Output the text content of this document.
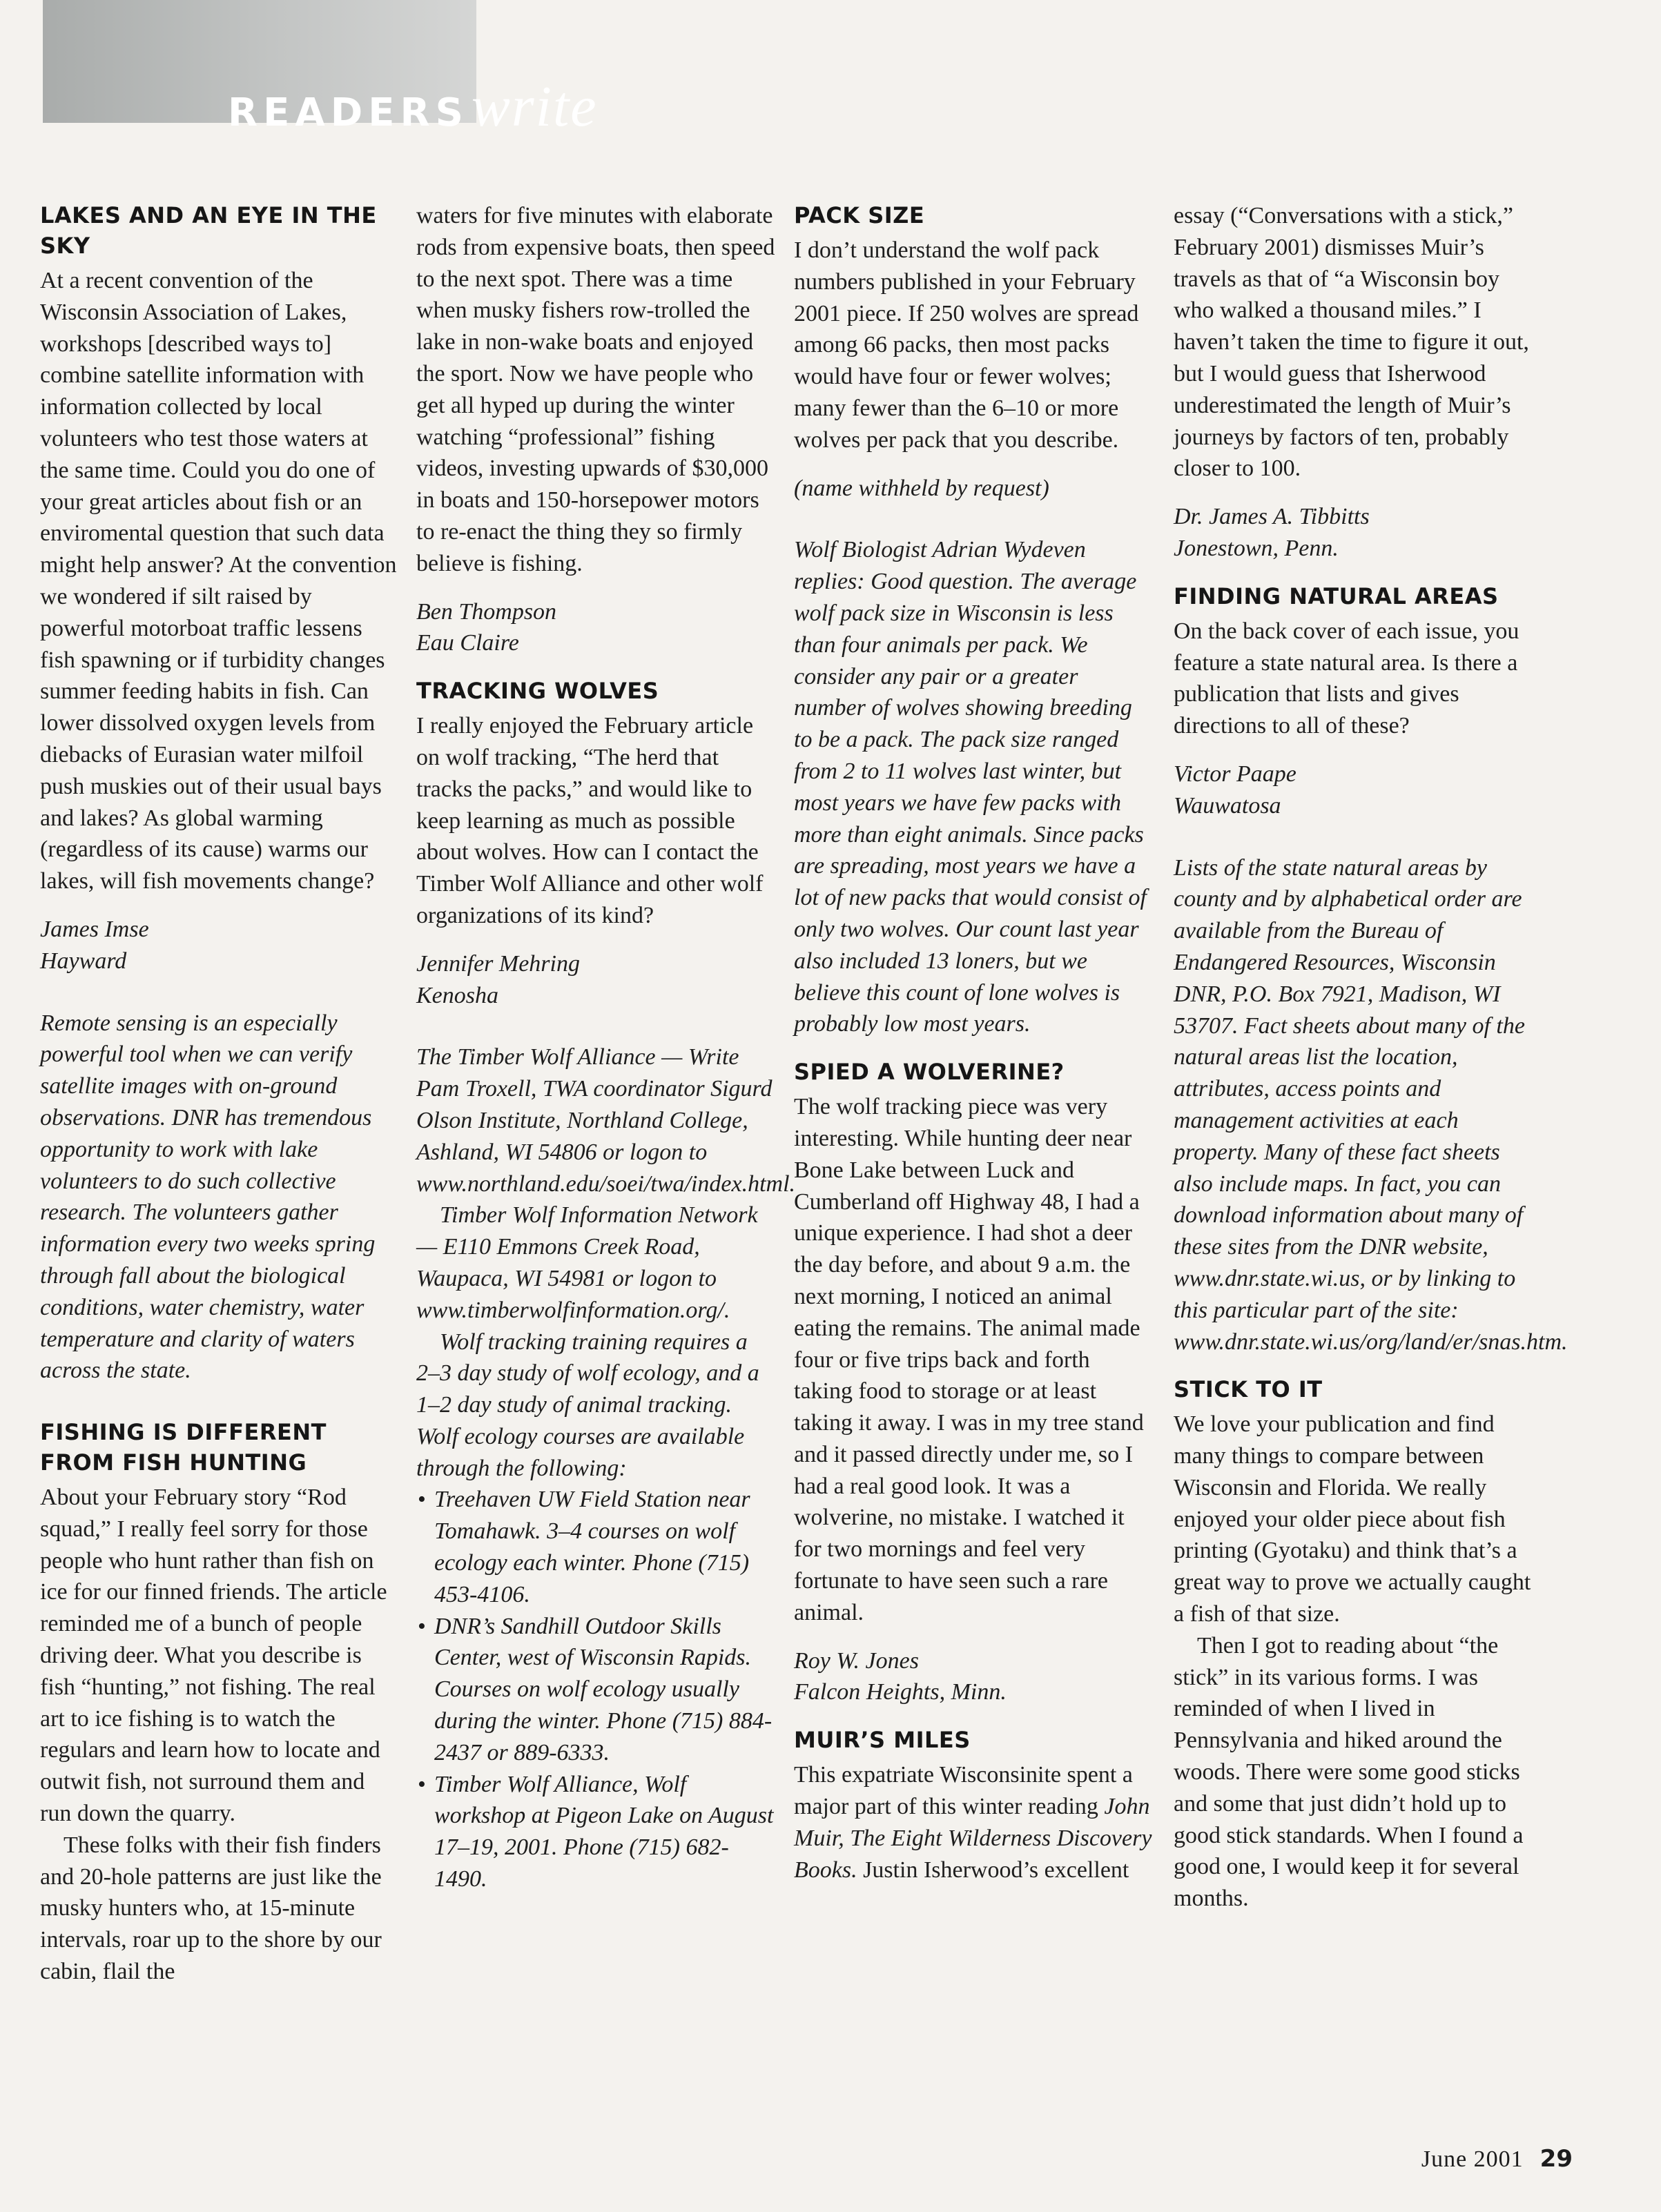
READERS write
LAKES AND AN EYE IN THE SKY

At a recent convention of the Wisconsin Association of Lakes, workshops [described ways to] combine satellite information with information collected by local volunteers who test those waters at the same time. Could you do one of your great articles about fish or an enviromental question that such data might help answer? At the convention we wondered if silt raised by powerful motorboat traffic lessens fish spawning or if turbidity changes summer feeding habits in fish. Can lower dissolved oxygen levels from diebacks of Eurasian water milfoil push muskies out of their usual bays and lakes? As global warming (regardless of its cause) warms our lakes, will fish movements change?

James Imse

Hayward

Remote sensing is an especially powerful tool when we can verify satellite images with on-ground observations. DNR has tremendous opportunity to work with lake volunteers to do such collective research. The volunteers gather information every two weeks spring through fall about the biological conditions, water chemistry, water temperature and clarity of waters across the state.

FISHING IS DIFFERENT FROM FISH HUNTING

About your February story “Rod squad,” I really feel sorry for those people who hunt rather than fish on ice for our finned friends. The article reminded me of a bunch of people driving deer. What you describe is fish “hunting,” not fishing. The real art to ice fishing is to watch the regulars and learn how to locate and outwit fish, not surround them and run down the quarry.

These folks with their fish finders and 20-hole patterns are just like the musky hunters who, at 15-minute intervals, roar up to the shore by our cabin, flail the

waters for five minutes with elaborate rods from expensive boats, then speed to the next spot. There was a time when musky fishers row-trolled the lake in non-wake boats and enjoyed the sport. Now we have people who get all hyped up during the winter watching “professional” fishing videos, investing upwards of $30,000 in boats and 150-horsepower motors to re-enact the thing they so firmly believe is fishing.

Ben Thompson

Eau Claire

TRACKING WOLVES

I really enjoyed the February article on wolf tracking, “The herd that tracks the packs,” and would like to keep learning as much as possible about wolves. How can I contact the Timber Wolf Alliance and other wolf organizations of its kind?

Jennifer Mehring

Kenosha

The Timber Wolf Alliance — Write Pam Troxell, TWA coordinator Sigurd Olson Institute, Northland College, Ashland, WI 54806 or logon to www.northland.edu/soei/twa/index.html.

Timber Wolf Information Network — E110 Emmons Creek Road, Waupaca, WI 54981 or logon to www.timberwolfinformation.org/.

Wolf tracking training requires a 2–3 day study of wolf ecology, and a 1–2 day study of animal tracking. Wolf ecology courses are available through the following:

• Treehaven UW Field Station near Tomahawk. 3–4 courses on wolf ecology each winter. Phone (715) 453-4106.
• DNR’s Sandhill Outdoor Skills Center, west of Wisconsin Rapids. Courses on wolf ecology usually during the winter. Phone (715) 884-2437 or 889-6333.
• Timber Wolf Alliance, Wolf workshop at Pigeon Lake on August 17–19, 2001. Phone (715) 682-1490.
PACK SIZE

I don’t understand the wolf pack numbers published in your February 2001 piece. If 250 wolves are spread among 66 packs, then most packs would have four or fewer wolves; many fewer than the 6–10 or more wolves per pack that you describe.

(name withheld by request)

Wolf Biologist Adrian Wydeven replies: Good question. The average wolf pack size in Wisconsin is less than four animals per pack. We consider any pair or a greater number of wolves showing breeding to be a pack. The pack size ranged from 2 to 11 wolves last winter, but most years we have few packs with more than eight animals. Since packs are spreading, most years we have a lot of new packs that would consist of only two wolves. Our count last year also included 13 loners, but we believe this count of lone wolves is probably low most years.

SPIED A WOLVERINE?

The wolf tracking piece was very interesting. While hunting deer near Bone Lake between Luck and Cumberland off Highway 48, I had a unique experience. I had shot a deer the day before, and about 9 a.m. the next morning, I noticed an animal eating the remains. The animal made four or five trips back and forth taking food to storage or at least taking it away. I was in my tree stand and it passed directly under me, so I had a real good look. It was a wolverine, no mistake. I watched it for two mornings and feel very fortunate to have seen such a rare animal.

Roy W. Jones

Falcon Heights, Minn.

MUIR’S MILES

This expatriate Wisconsinite spent a major part of this winter reading John Muir, The Eight Wilderness Discovery Books. Justin Isherwood’s excellent

essay (“Conversations with a stick,” February 2001) dismisses Muir’s travels as that of “a Wisconsin boy who walked a thousand miles.” I haven’t taken the time to figure it out, but I would guess that Isherwood underestimated the length of Muir’s journeys by factors of ten, probably closer to 100.

Dr. James A. Tibbitts

Jonestown, Penn.

FINDING NATURAL AREAS

On the back cover of each issue, you feature a state natural area. Is there a publication that lists and gives directions to all of these?

Victor Paape

Wauwatosa

Lists of the state natural areas by county and by alphabetical order are available from the Bureau of Endangered Resources, Wisconsin DNR, P.O. Box 7921, Madison, WI 53707. Fact sheets about many of the natural areas list the location, attributes, access points and management activities at each property. Many of these fact sheets also include maps. In fact, you can download information about many of these sites from the DNR website, www.dnr.state.wi.us, or by linking to this particular part of the site: www.dnr.state.wi.us/org/land/er/snas.htm.

STICK TO IT

We love your publication and find many things to compare between Wisconsin and Florida. We really enjoyed your older piece about fish printing (Gyotaku) and think that’s a great way to prove we actually caught a fish of that size.

Then I got to reading about “the stick” in its various forms. I was reminded of when I lived in Pennsylvania and hiked around the woods. There were some good sticks and some that just didn’t hold up to good stick standards. When I found a good one, I would keep it for several months.

June 2001 29
